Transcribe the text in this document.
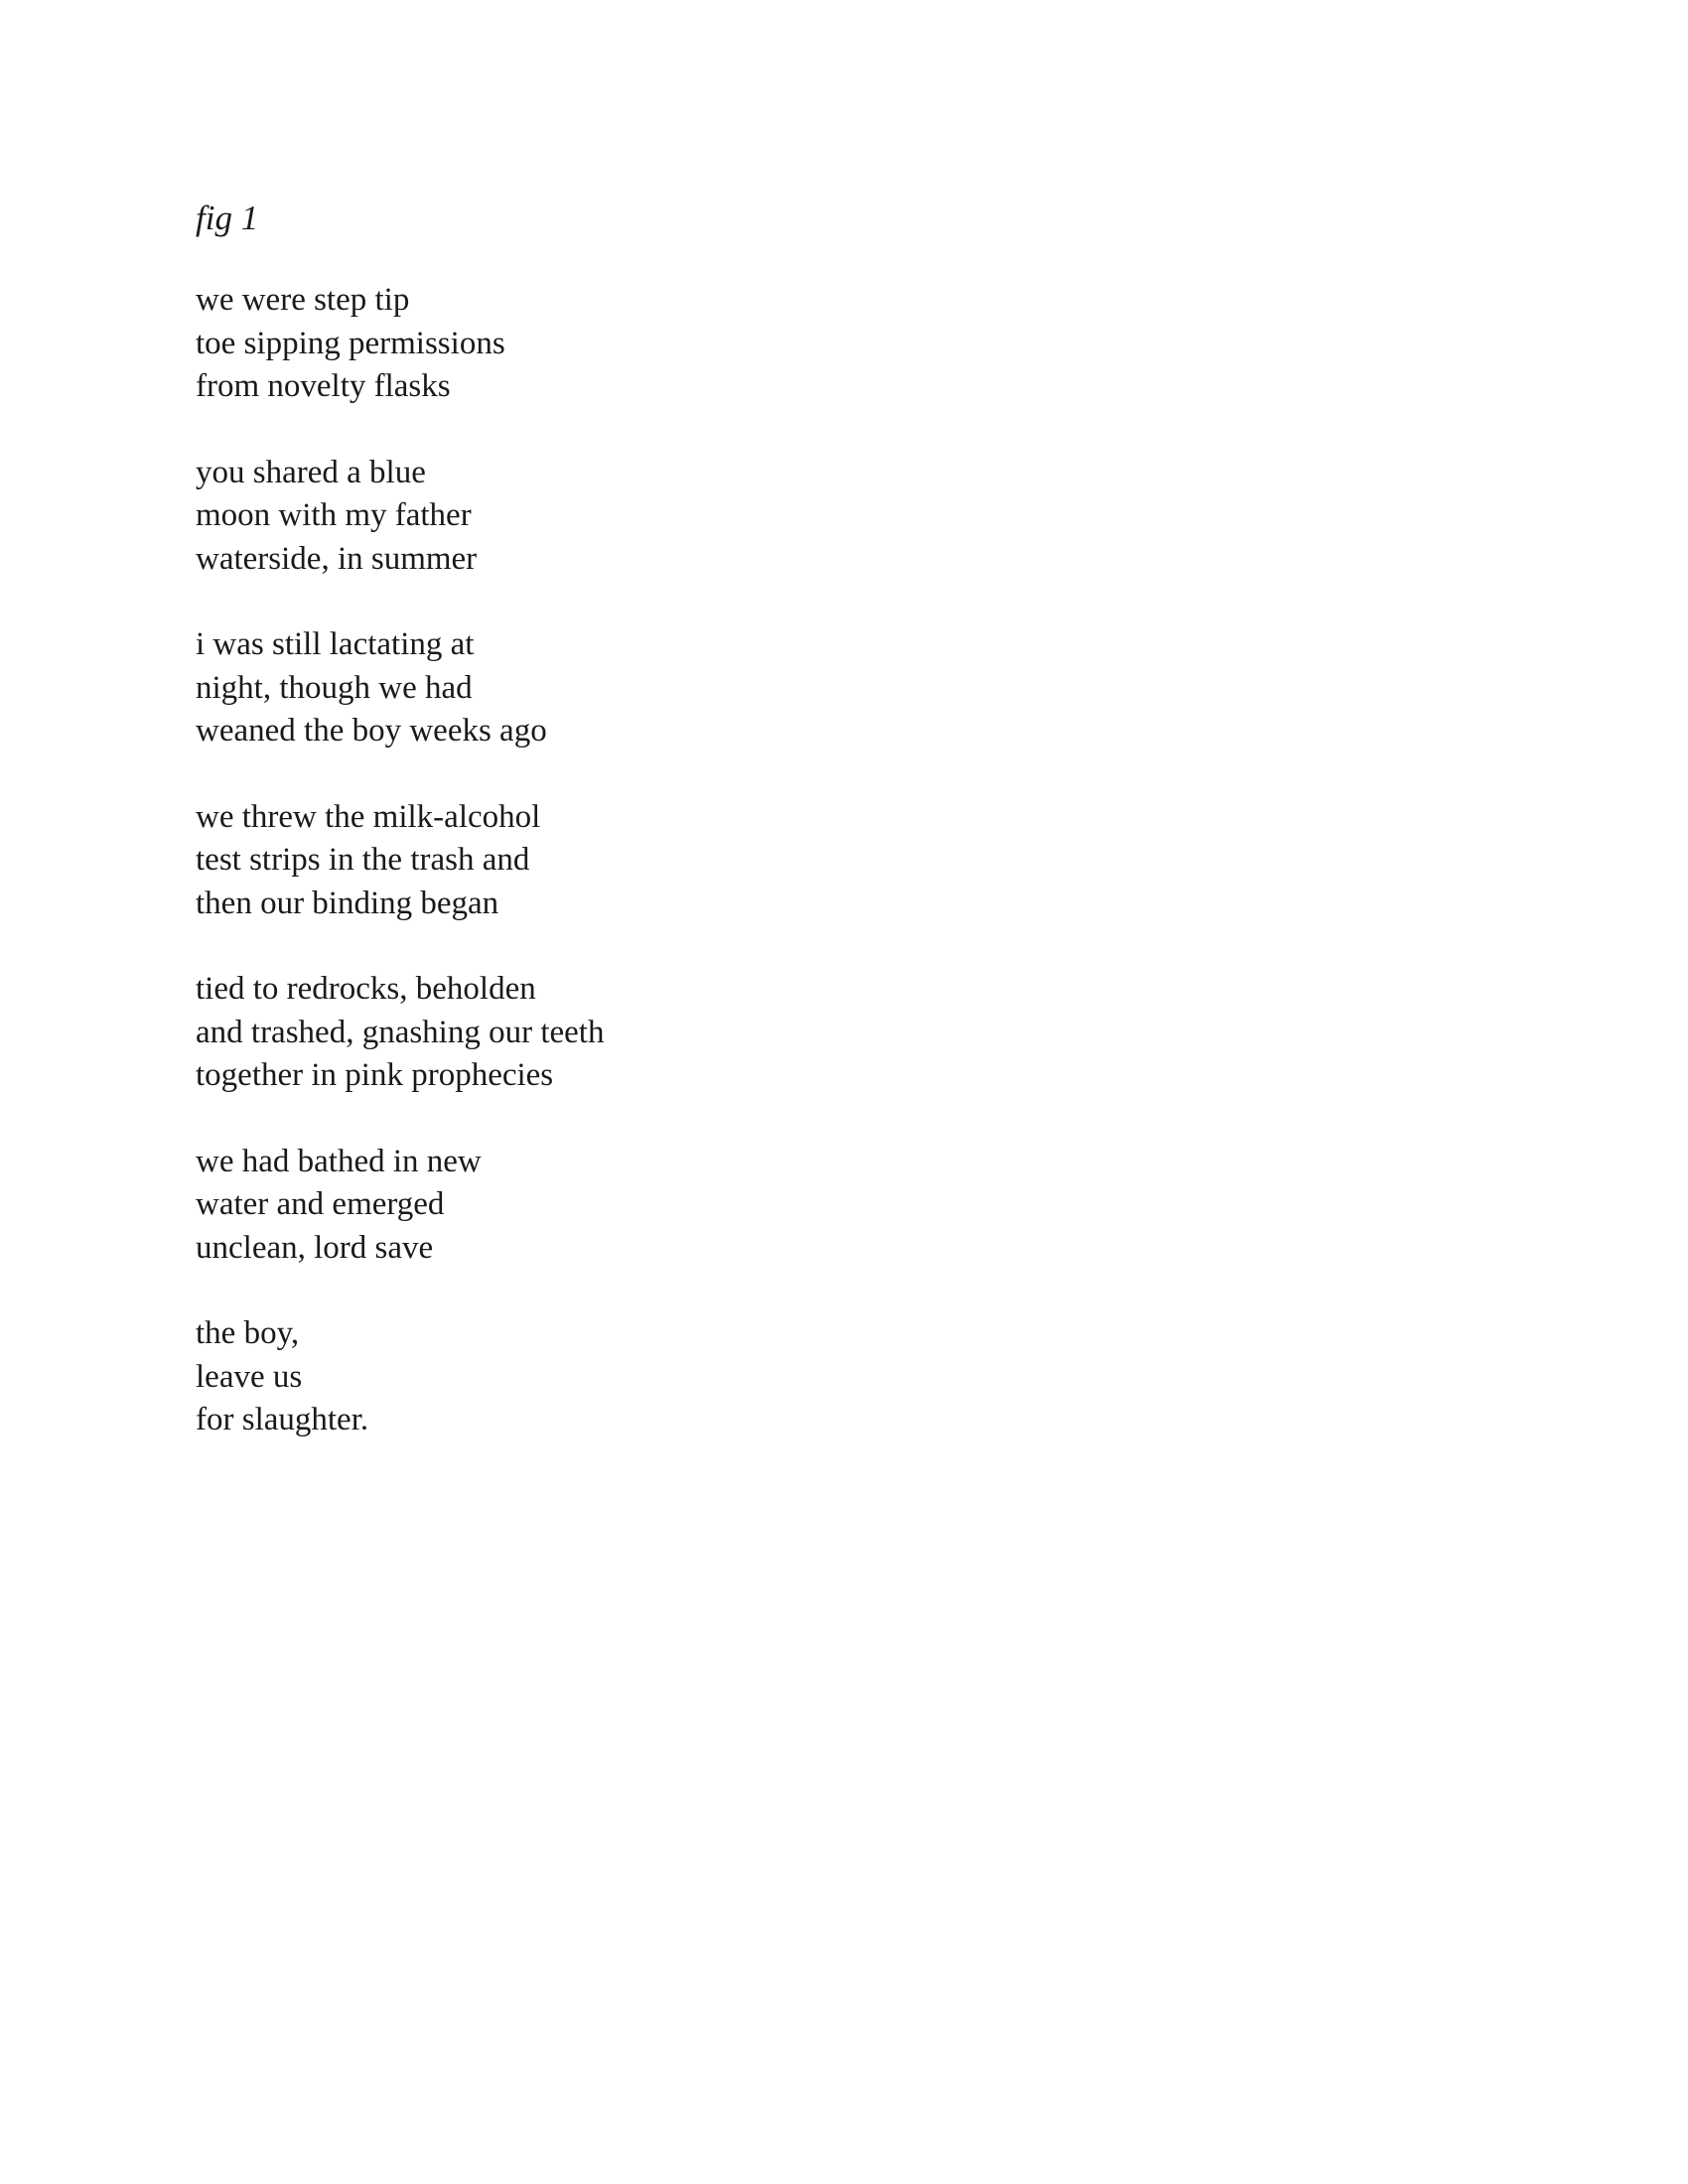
fig 1
we were step tip
toe sipping permissions
from novelty flasks
you shared a blue
moon with my father
waterside, in summer
i was still lactating at
night, though we had
weaned the boy weeks ago
we threw the milk-alcohol
test strips in the trash and
then our binding began
tied to redrocks, beholden
and trashed, gnashing our teeth
together in pink prophecies
we had bathed in new
water and emerged
unclean, lord save
the boy,
leave us
for slaughter.
